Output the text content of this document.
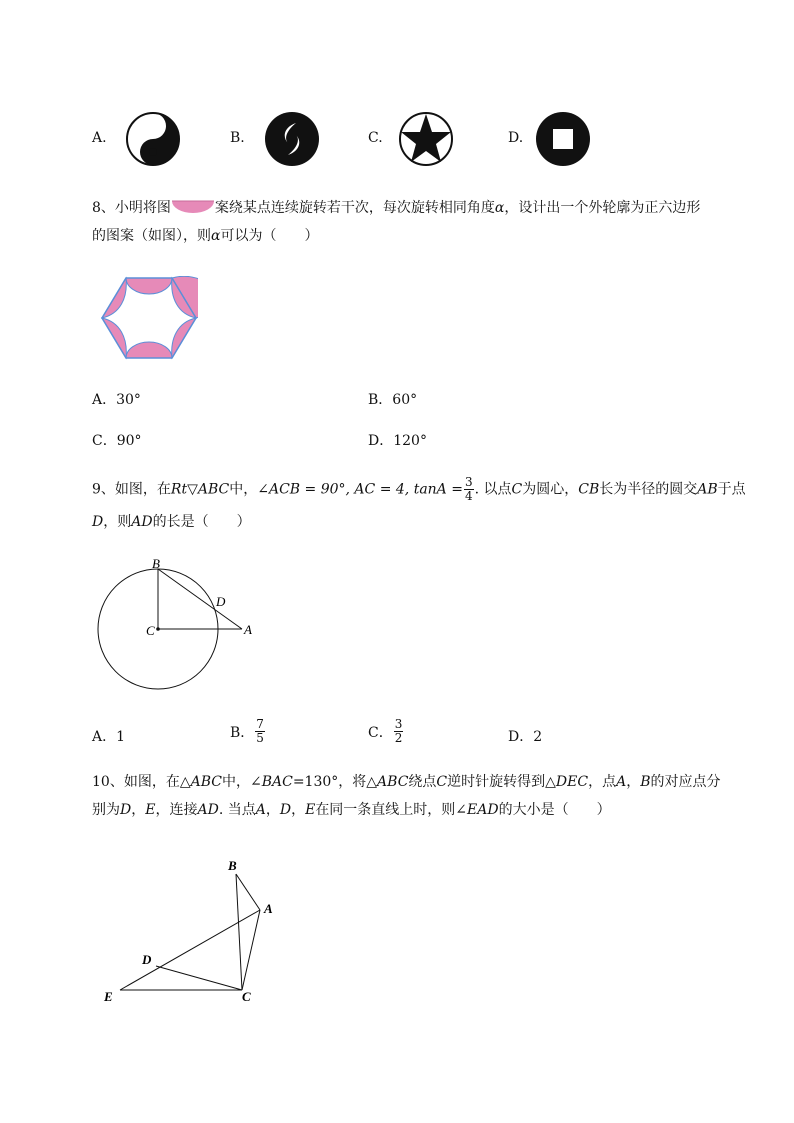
A.	B.	C.	D.
8、小明将图	案绕某点连续旋转若干次，每次旋转相同角度α，设计出一个外轮廓为正六边形
的图案（如图），则α可以为（　　）
A．30°	B．60°
C．90°	D．120°
9、如图，在Rt▽ABC中，∠ACB = 90°, AC = 4, $\tan A = \frac{3}{4}$ . 以点C为圆心，CB长为半径的圆交AB于点
D，则AD的长是（　　）
B
D
C	A
A．1	B． $\frac{7}{5}$	C． $\frac{3}{2}$	D．2
10、如图，在△ABC中，∠BAC=130°，将△ABC绕点C逆时针旋转得到△DEC，点A，B的对应点分
别为D，E，连接AD. 当点A，D，E在同一条直线上时，则∠EAD的大小是（　　）
B
A
D
E	C
